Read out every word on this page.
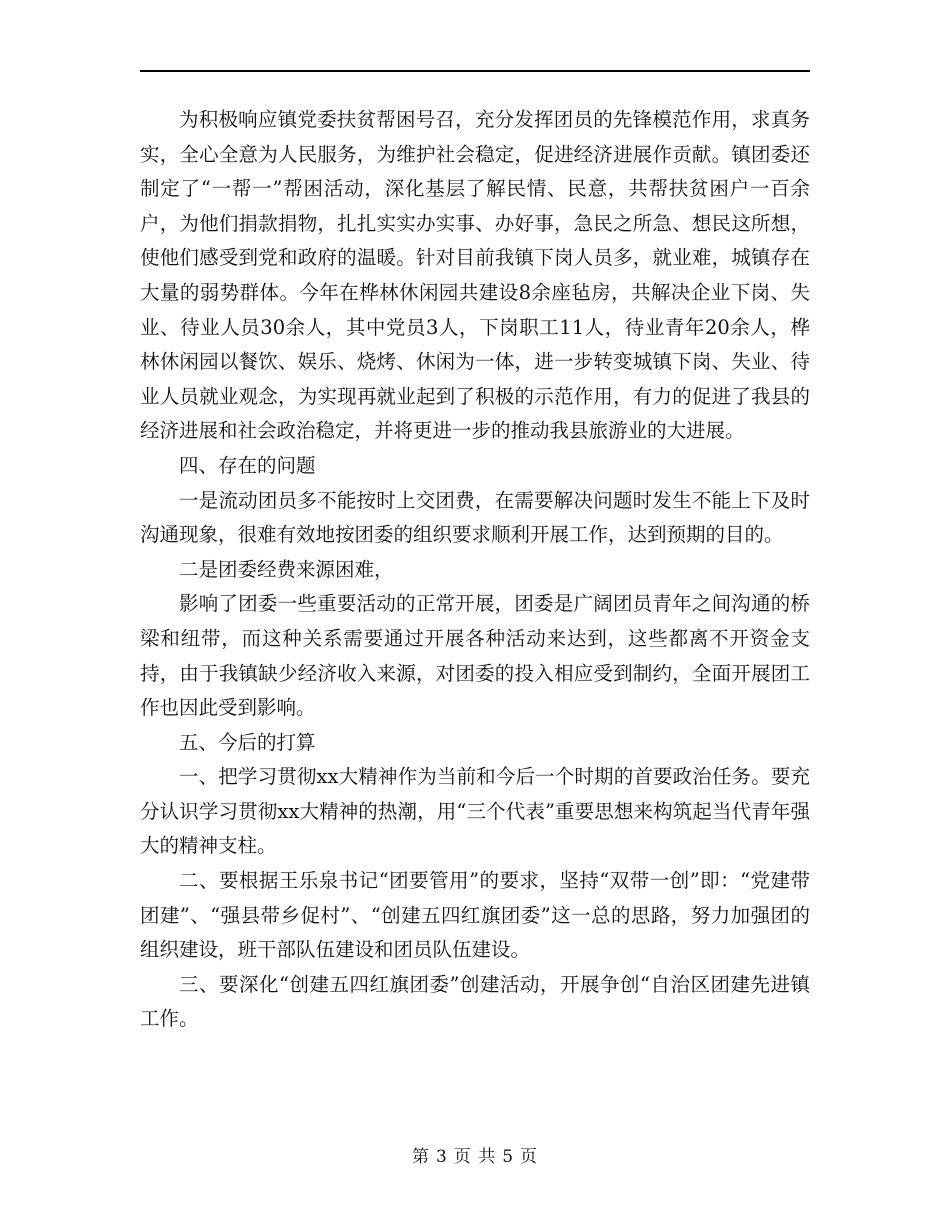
为积极响应镇党委扶贫帮困号召，充分发挥团员的先锋模范作用，求真务实，全心全意为人民服务，为维护社会稳定，促进经济进展作贡献。镇团委还制定了“一帮一”帮困活动，深化基层了解民情、民意，共帮扶贫困户一百余户，为他们捐款捐物，扎扎实实办实事、办好事，急民之所急、想民这所想，使他们感受到党和政府的温暖。针对目前我镇下岗人员多，就业难，城镇存在大量的弱势群体。今年在桦林休闲园共建设8余座毡房，共解决企业下岗、失业、待业人员30余人，其中党员3人，下岗职工11人，待业青年20余人，桦林休闲园以餐饮、娱乐、烧烤、休闲为一体，进一步转变城镇下岗、失业、待业人员就业观念，为实现再就业起到了积极的示范作用，有力的促进了我县的经济进展和社会政治稳定，并将更进一步的推动我县旅游业的大进展。

四、存在的问题

一是流动团员多不能按时上交团费，在需要解决问题时发生不能上下及时沟通现象，很难有效地按团委的组织要求顺利开展工作，达到预期的目的。

二是团委经费来源困难，

影响了团委一些重要活动的正常开展，团委是广阔团员青年之间沟通的桥梁和纽带，而这种关系需要通过开展各种活动来达到，这些都离不开资金支持，由于我镇缺少经济收入来源，对团委的投入相应受到制约，全面开展团工作也因此受到影响。

五、今后的打算

一、把学习贯彻xx大精神作为当前和今后一个时期的首要政治任务。要充分认识学习贯彻xx大精神的热潮，用“三个代表”重要思想来构筑起当代青年强大的精神支柱。

二、要根据王乐泉书记“团要管用”的要求，坚持“双带一创”即：“党建带团建”、“强县带乡促村”、“创建五四红旗团委”这一总的思路，努力加强团的组织建设，班干部队伍建设和团员队伍建设。

三、要深化“创建五四红旗团委”创建活动，开展争创“自治区团建先进镇工作。

第 3 页 共 5 页
